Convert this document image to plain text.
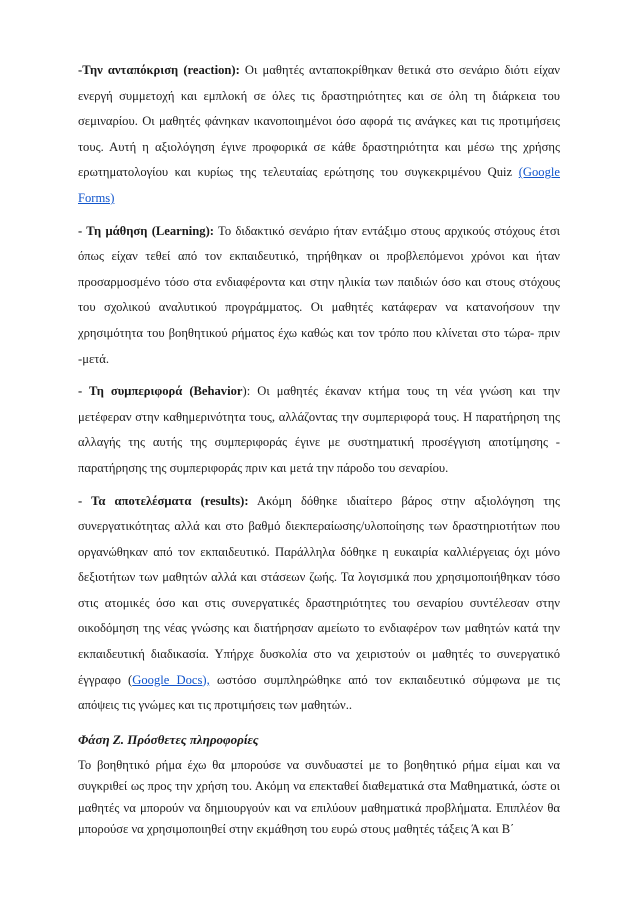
-Την ανταπόκριση (reaction): Οι μαθητές ανταποκρίθηκαν θετικά στο σενάριο διότι είχαν ενεργή συμμετοχή και εμπλοκή σε όλες τις δραστηριότητες και σε όλη τη διάρκεια του σεμιναρίου. Οι μαθητές φάνηκαν ικανοποιημένοι όσο αφορά τις ανάγκες και τις προτιμήσεις τους. Αυτή η αξιολόγηση έγινε προφορικά σε κάθε δραστηριότητα και μέσω της χρήσης ερωτηματολογίου και κυρίως της τελευταίας ερώτησης του συγκεκριμένου Quiz (Google Forms)

- Τη μάθηση (Learning): Το διδακτικό σενάριο ήταν εντάξιμο στους αρχικούς στόχους έτσι όπως είχαν τεθεί από τον εκπαιδευτικό, τηρήθηκαν οι προβλεπόμενοι χρόνοι και ήταν προσαρμοσμένο τόσο στα ενδιαφέροντα και στην ηλικία των παιδιών όσο και στους στόχους του σχολικού αναλυτικού προγράμματος. Οι μαθητές κατάφεραν να κατανοήσουν την χρησιμότητα του βοηθητικού ρήματος έχω καθώς και τον τρόπο που κλίνεται στο τώρα- πριν -μετά.

- Τη συμπεριφορά (Behavior): Οι μαθητές έκαναν κτήμα τους τη νέα γνώση και την μετέφεραν στην καθημερινότητα τους, αλλάζοντας την συμπεριφορά τους. Η παρατήρηση της αλλαγής της αυτής της συμπεριφοράς έγινε με συστηματική προσέγγιση αποτίμησης - παρατήρησης της συμπεριφοράς πριν και μετά την πάροδο του σεναρίου.

- Τα αποτελέσματα (results): Ακόμη δόθηκε ιδιαίτερο βάρος στην αξιολόγηση της συνεργατικότητας αλλά και στο βαθμό διεκπεραίωσης/υλοποίησης των δραστηριοτήτων που οργανώθηκαν από τον εκπαιδευτικό. Παράλληλα δόθηκε η ευκαιρία καλλιέργειας όχι μόνο δεξιοτήτων των μαθητών αλλά και στάσεων ζωής. Τα λογισμικά που χρησιμοποιήθηκαν τόσο στις ατομικές όσο και στις συνεργατικές δραστηριότητες του σεναρίου συντέλεσαν στην οικοδόμηση της νέας γνώσης και διατήρησαν αμείωτο το ενδιαφέρον των μαθητών κατά την εκπαιδευτική διαδικασία. Υπήρχε δυσκολία στο να χειριστούν οι μαθητές το συνεργατικό έγγραφο (Google Docs), ωστόσο συμπληρώθηκε από τον εκπαιδευτικό σύμφωνα με τις απόψεις τις γνώμες και τις προτιμήσεις των μαθητών..

Φάση Ζ. Πρόσθετες πληροφορίες

Το βοηθητικό ρήμα έχω θα μπορούσε να συνδυαστεί με το βοηθητικό ρήμα είμαι και να συγκριθεί ως προς την χρήση του. Ακόμη να επεκταθεί διαθεματικά στα Μαθηματικά, ώστε οι μαθητές να μπορούν να δημιουργούν και να επιλύουν μαθηματικά προβλήματα. Επιπλέον θα μπορούσε να χρησιμοποιηθεί στην εκμάθηση του ευρώ στους μαθητές τάξεις Ά και Β΄
